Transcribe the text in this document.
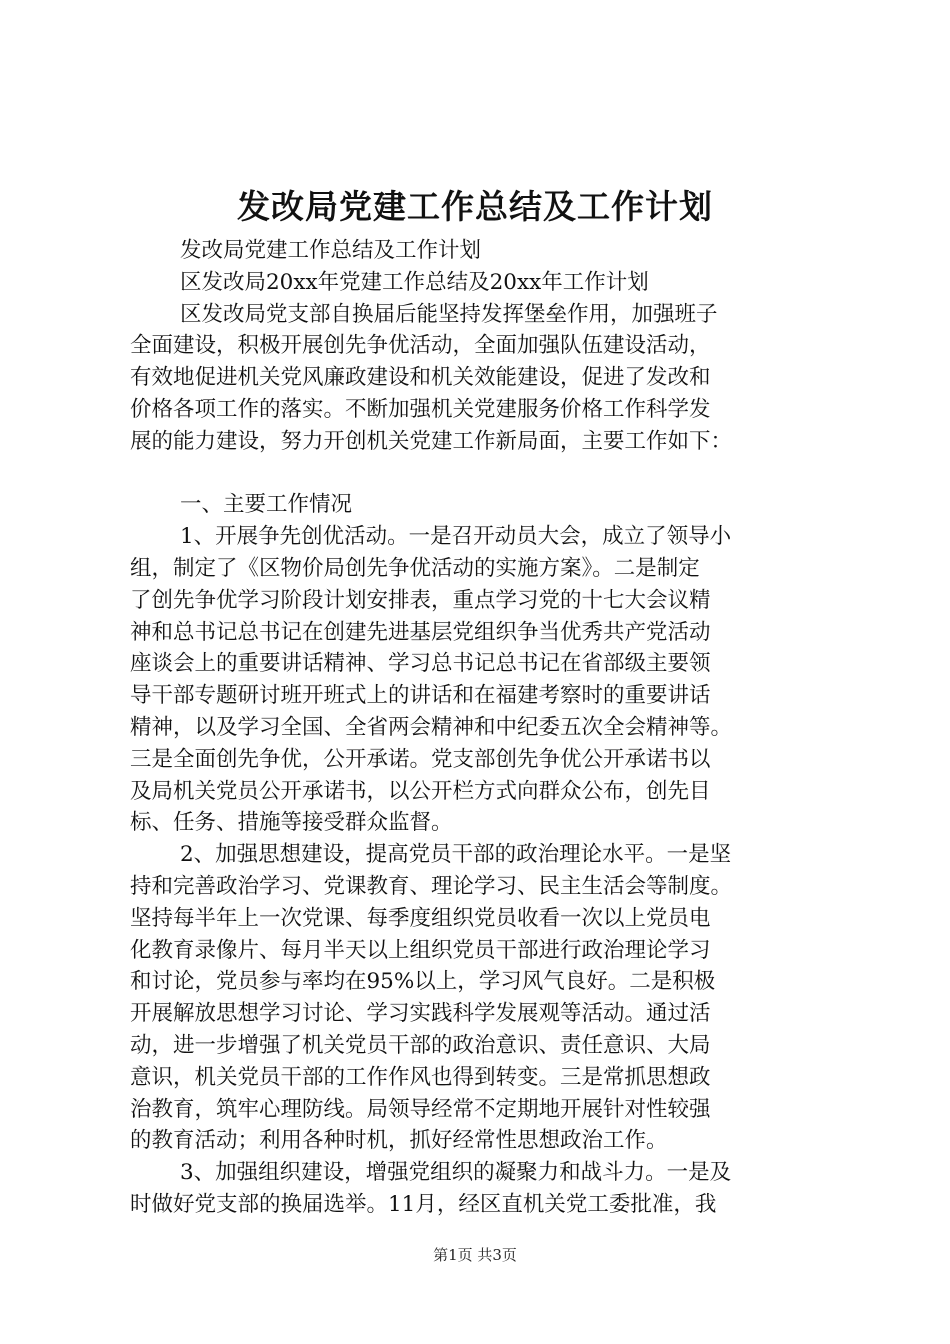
发改局党建工作总结及工作计划
发改局党建工作总结及工作计划
区发改局20xx年党建工作总结及20xx年工作计划
区发改局党支部自换届后能坚持发挥堡垒作用，加强班子
全面建设，积极开展创先争优活动，全面加强队伍建设活动，
有效地促进机关党风廉政建设和机关效能建设，促进了发改和
价格各项工作的落实。不断加强机关党建服务价格工作科学发
展的能力建设，努力开创机关党建工作新局面，主要工作如下：
一、主要工作情况
1、开展争先创优活动。一是召开动员大会，成立了领导小
组，制定了《区物价局创先争优活动的实施方案》。二是制定
了创先争优学习阶段计划安排表，重点学习党的十七大会议精
神和总书记总书记在创建先进基层党组织争当优秀共产党活动
座谈会上的重要讲话精神、学习总书记总书记在省部级主要领
导干部专题研讨班开班式上的讲话和在福建考察时的重要讲话
精神，以及学习全国、全省两会精神和中纪委五次全会精神等。
三是全面创先争优，公开承诺。党支部创先争优公开承诺书以
及局机关党员公开承诺书，以公开栏方式向群众公布，创先目
标、任务、措施等接受群众监督。
2、加强思想建设，提高党员干部的政治理论水平。一是坚
持和完善政治学习、党课教育、理论学习、民主生活会等制度。
坚持每半年上一次党课、每季度组织党员收看一次以上党员电
化教育录像片、每月半天以上组织党员干部进行政治理论学习
和讨论，党员参与率均在95%以上，学习风气良好。二是积极
开展解放思想学习讨论、学习实践科学发展观等活动。通过活
动，进一步增强了机关党员干部的政治意识、责任意识、大局
意识，机关党员干部的工作作风也得到转变。三是常抓思想政
治教育，筑牢心理防线。局领导经常不定期地开展针对性较强
的教育活动；利用各种时机，抓好经常性思想政治工作。
3、加强组织建设，增强党组织的凝聚力和战斗力。一是及
时做好党支部的换届选举。11月，经区直机关党工委批准，我
第1页 共3页
